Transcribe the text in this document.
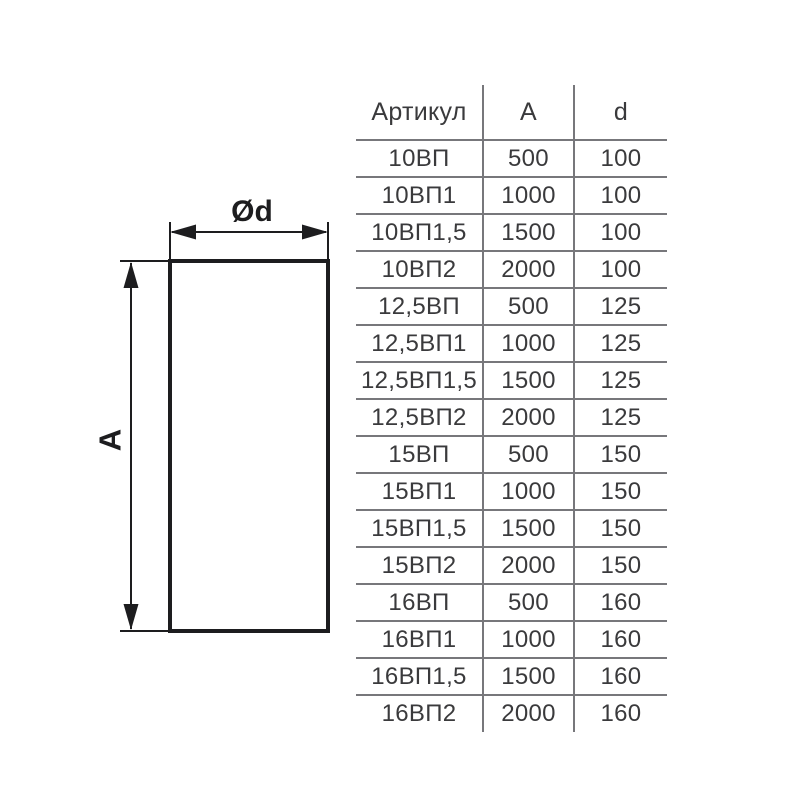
Ød
A
Артикул	A	d
10ВП	500	100
10ВП1	1000	100
10ВП1,5	1500	100
10ВП2	2000	100
12,5ВП	500	125
12,5ВП1	1000	125
12,5ВП1,5	1500	125
12,5ВП2	2000	125
15ВП	500	150
15ВП1	1000	150
15ВП1,5	1500	150
15ВП2	2000	150
16ВП	500	160
16ВП1	1000	160
16ВП1,5	1500	160
16ВП2	2000	160
